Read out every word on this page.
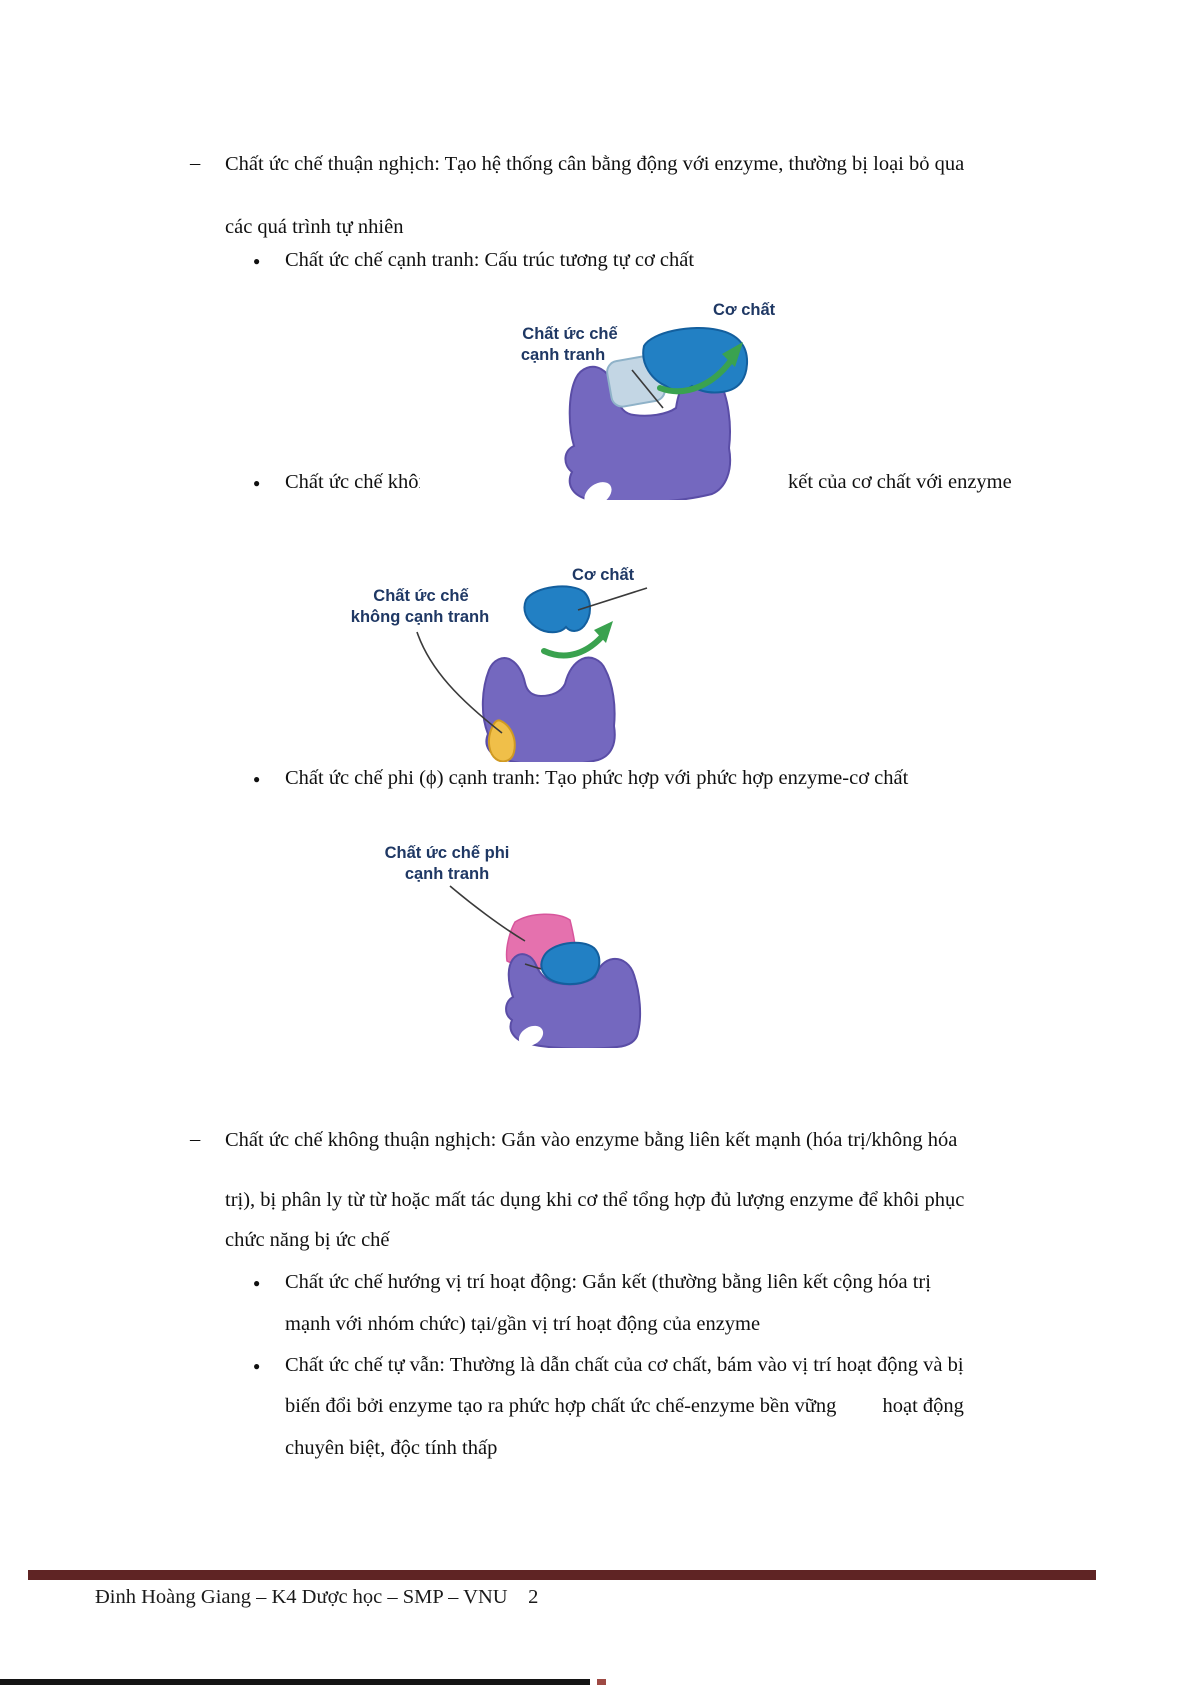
– Chất ức chế thuận nghịch: Tạo hệ thống cân bằng động với enzyme, thường bị loại bỏ qua
các quá trình tự nhiên
● Chất ức chế cạnh tranh: Cấu trúc tương tự cơ chất
Chất ức chế
cạnh tranh
Cơ chất
● Chất ức chế không cạ	kết của cơ chất với enzyme
Chất ức chế
không cạnh tranh
Cơ chất
● Chất ức chế phi (ϕ) cạnh tranh: Tạo phức hợp với phức hợp enzyme-cơ chất
Chất ức chế phi
cạnh tranh
– Chất ức chế không thuận nghịch: Gắn vào enzyme bằng liên kết mạnh (hóa trị/không hóa
trị), bị phân ly từ từ hoặc mất tác dụng khi cơ thể tổng hợp đủ lượng enzyme để khôi phục
chức năng bị ức chế
● Chất ức chế hướng vị trí hoạt động: Gắn kết (thường bằng liên kết cộng hóa trị
mạnh với nhóm chức) tại/gần vị trí hoạt động của enzyme
● Chất ức chế tự vẫn: Thường là dẫn chất của cơ chất, bám vào vị trí hoạt động và bị
biến đổi bởi enzyme tạo ra phức hợp chất ức chế-enzyme bền vững         hoạt động
chuyên biệt, độc tính thấp
Đinh Hoàng Giang – K4 Dược học – SMP – VNU    2
